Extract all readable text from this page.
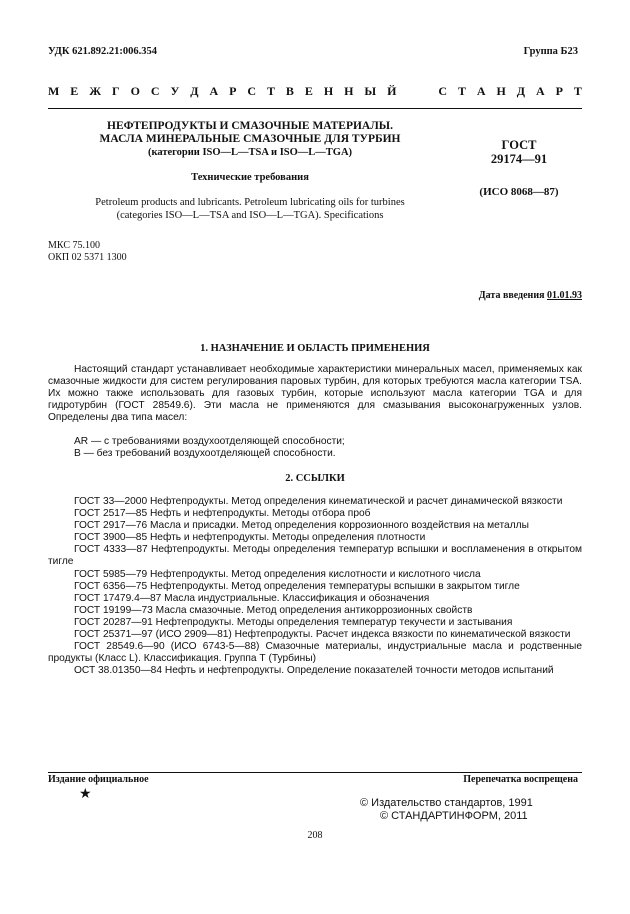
УДК 621.892.21:006.354	Группа Б23
М Е Ж Г О С У Д А Р С Т В Е Н Н Ы Й	С Т А Н Д А Р Т
НЕФТЕПРОДУКТЫ И СМАЗОЧНЫЕ МАТЕРИАЛЫ.
МАСЛА МИНЕРАЛЬНЫЕ СМАЗОЧНЫЕ ДЛЯ ТУРБИН
(категории ISO—L—TSA и ISO—L—TGA)
Технические требования
Petroleum products and lubricants. Petroleum lubricating oils for turbines
(categories ISO—L—TSA and ISO—L—TGA). Specifications
ГОСТ
29174—91
(ИСО 8068—87)
МКС 75.100
ОКП 02 5371 1300
Дата введения 01.01.93
1. НАЗНАЧЕНИЕ И ОБЛАСТЬ ПРИМЕНЕНИЯ
Настоящий стандарт устанавливает необходимые характеристики минеральных масел, применяемых как смазочные жидкости для систем регулирования паровых турбин, для которых требуются масла категории TSA. Их можно также использовать для газовых турбин, которые используют масла категории TGA и для гидротурбин (ГОСТ 28549.6). Эти масла не применяются для смазывания высоконагруженных узлов. Определены два типа масел:
AR — с требованиями воздухоотделяющей способности;
B — без требований воздухоотделяющей способности.
2. ССЫЛКИ
ГОСТ 33—2000 Нефтепродукты. Метод определения кинематической и расчет динамической вязкости
ГОСТ 2517—85 Нефть и нефтепродукты. Методы отбора проб
ГОСТ 2917—76 Масла и присадки. Метод определения коррозионного воздействия на металлы
ГОСТ 3900—85 Нефть и нефтепродукты. Методы определения плотности
ГОСТ 4333—87 Нефтепродукты. Методы определения температур вспышки и воспламенения в открытом тигле
ГОСТ 5985—79 Нефтепродукты. Метод определения кислотности и кислотного числа
ГОСТ 6356—75 Нефтепродукты. Метод определения температуры вспышки в закрытом тигле
ГОСТ 17479.4—87 Масла индустриальные. Классификация и обозначения
ГОСТ 19199—73 Масла смазочные. Метод определения антикоррозионных свойств
ГОСТ 20287—91 Нефтепродукты. Методы определения температур текучести и застывания
ГОСТ 25371—97 (ИСО 2909—81) Нефтепродукты. Расчет индекса вязкости по кинематической вязкости
ГОСТ 28549.6—90 (ИСО 6743-5—88) Смазочные материалы, индустриальные масла и родственные продукты (Класс L). Классификация. Группа Т (Турбины)
ОСТ 38.01350—84 Нефть и нефтепродукты. Определение показателей точности методов испытаний
Издание официальное	Перепечатка воспрещена
★
© Издательство стандартов, 1991
© СТАНДАРТИНФОРМ, 2011
208
